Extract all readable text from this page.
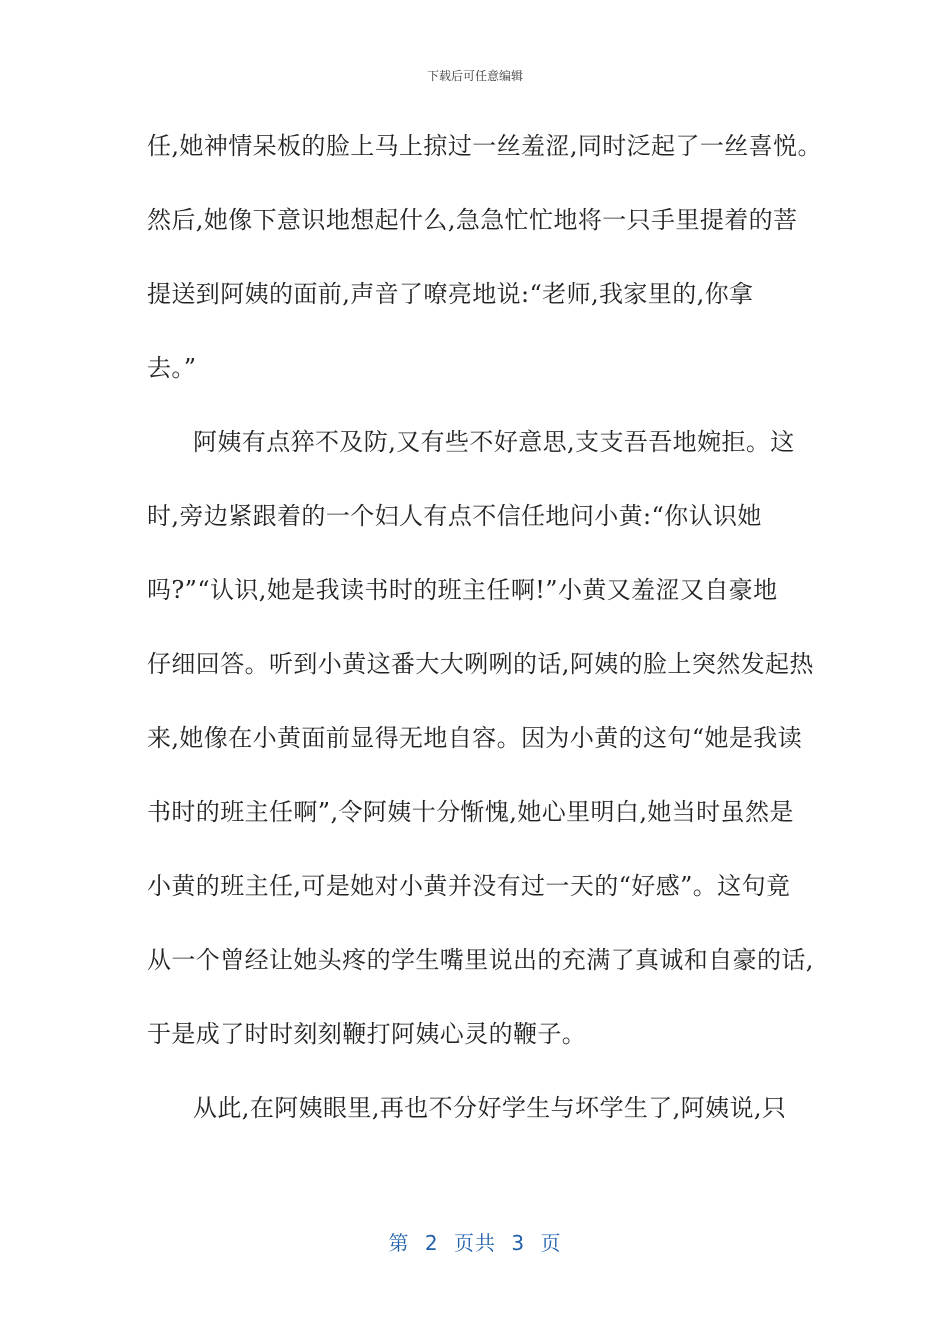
下载后可任意编辑
任,她神情呆板的脸上马上掠过一丝羞涩,同时泛起了一丝喜悦。
然后,她像下意识地想起什么,急急忙忙地将一只手里提着的菩
提送到阿姨的面前,声音了嘹亮地说:“老师,我家里的,你拿
去。”
阿姨有点猝不及防,又有些不好意思,支支吾吾地婉拒。这
时,旁边紧跟着的一个妇人有点不信任地问小黄:“你认识她
吗?”“认识,她是我读书时的班主任啊!”小黄又羞涩又自豪地
仔细回答。听到小黄这番大大咧咧的话,阿姨的脸上突然发起热
来,她像在小黄面前显得无地自容。因为小黄的这句“她是我读
书时的班主任啊”,令阿姨十分惭愧,她心里明白,她当时虽然是
小黄的班主任,可是她对小黄并没有过一天的“好感”。这句竟
从一个曾经让她头疼的学生嘴里说出的充满了真诚和自豪的话,
于是成了时时刻刻鞭打阿姨心灵的鞭子。
从此,在阿姨眼里,再也不分好学生与坏学生了,阿姨说,只
第 2 页共 3 页
